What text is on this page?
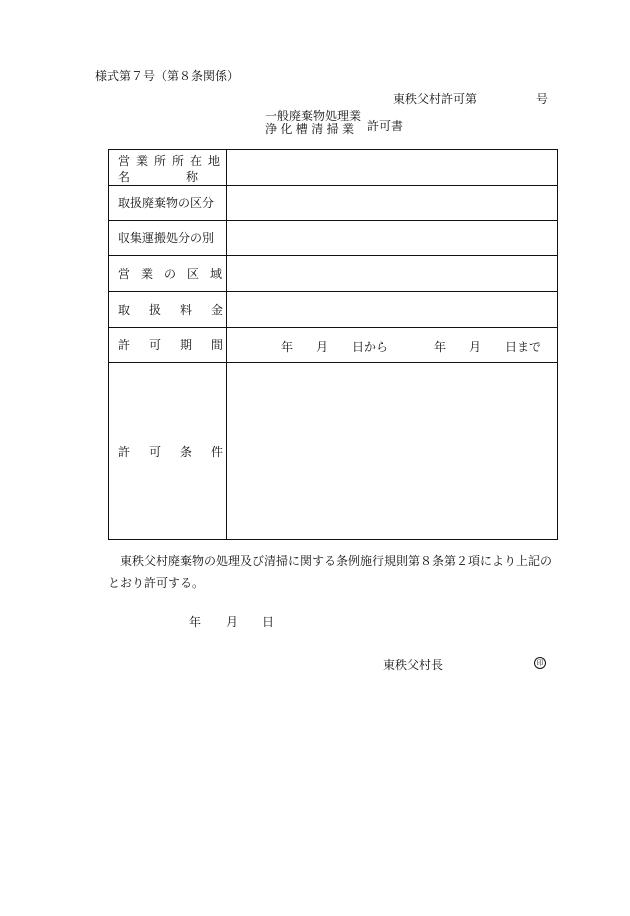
様式第７号（第８条関係）
東秩父村許可第	号
一般廃棄物処理業
浄化槽清掃業 許可書
営業所所在地
名称
取扱廃棄物の区分
収集運搬処分の別
営業の区域
取扱料金
許可期間	年 月 日から	年 月 日まで
許可条件
東秩父村廃棄物の処理及び清掃に関する条例施行規則第８条第２項により上記のとおり許可する。
年 月 日
東秩父村長	印
